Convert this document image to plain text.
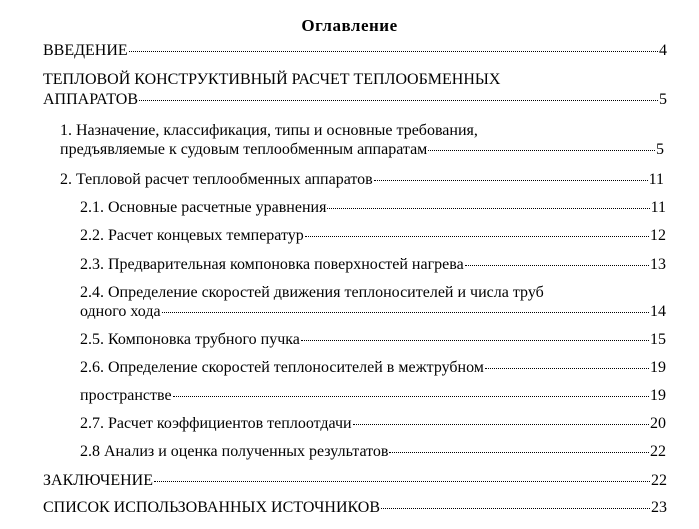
Оглавление
ВВЕДЕНИЕ	4
ТЕПЛОВОЙ КОНСТРУКТИВНЫЙ РАСЧЕТ ТЕПЛООБМЕННЫХ
АППАРАТОВ	5
1. Назначение, классификация, типы и основные требования,
предъявляемые к судовым теплообменным аппаратам	5
2. Тепловой расчет теплообменных аппаратов	11
2.1. Основные расчетные уравнения	11
2.2. Расчет концевых температур	12
2.3. Предварительная компоновка поверхностей нагрева	13
2.4. Определение скоростей движения теплоносителей и числа труб
одного хода	14
2.5. Компоновка трубного пучка	15
2.6. Определение скоростей теплоносителей в межтрубном	19
пространстве	19
2.7. Расчет коэффициентов теплоотдачи	20
2.8 Анализ и оценка полученных результатов	22
ЗАКЛЮЧЕНИЕ	22
СПИСОК ИСПОЛЬЗОВАННЫХ ИСТОЧНИКОВ	23
